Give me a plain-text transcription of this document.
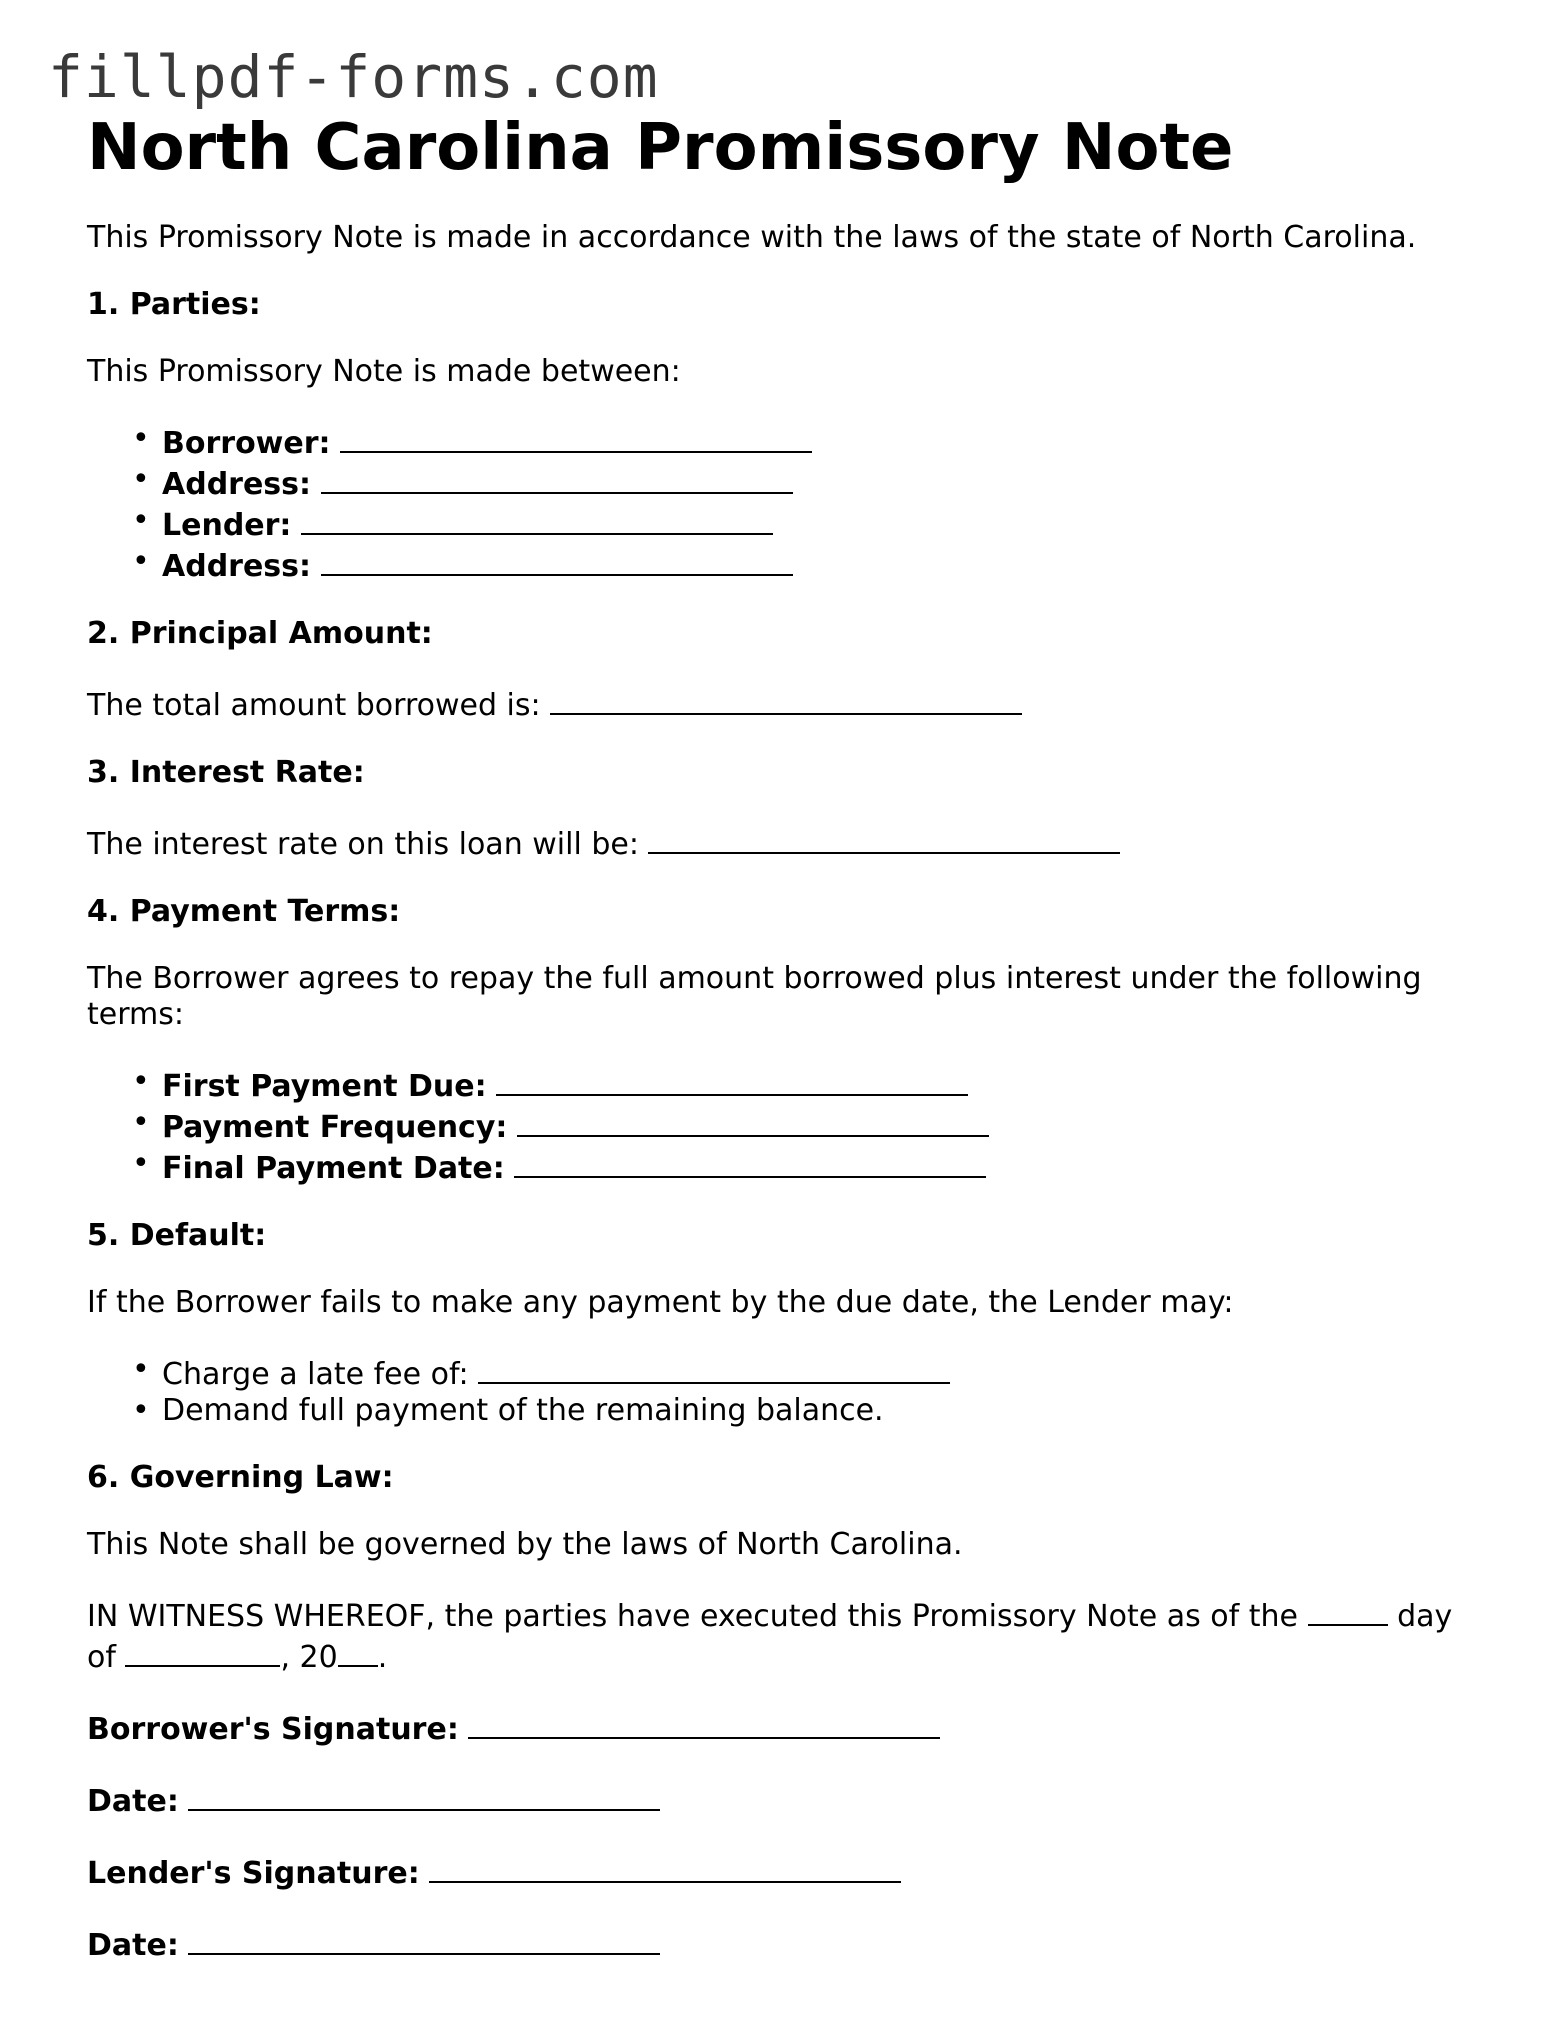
fillpdf-forms.com
North Carolina Promissory Note

This Promissory Note is made in accordance with the laws of the state of North Carolina.

1. Parties:

This Promissory Note is made between:

• Borrower:
• Address:
• Lender:
• Address:
2. Principal Amount:

The total amount borrowed is:

3. Interest Rate:

The interest rate on this loan will be:

4. Payment Terms:

The Borrower agrees to repay the full amount borrowed plus interest under the following terms:

• First Payment Due:
• Payment Frequency:
• Final Payment Date:
5. Default:

If the Borrower fails to make any payment by the due date, the Lender may:

• Charge a late fee of:
• Demand full payment of the remaining balance.
6. Governing Law:

This Note shall be governed by the laws of North Carolina.

IN WITNESS WHEREOF, the parties have executed this Promissory Note as of the	day of	, 20 .

Borrower's Signature:

Date:

Lender's Signature:

Date:
